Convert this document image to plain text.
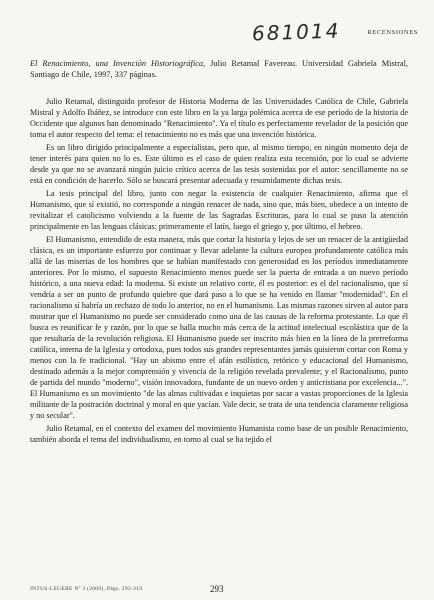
681014	RECENSIONES
El Renacimiento, una Invención Historiográfica, Julio Retamal Favereau. Universidad Gabriela Mistral, Santiago de Chile, 1997, 337 páginas.

Julio Retamal, distinguido profesor de Historia Moderna de las Universidades Católica de Chile, Gabriela Mistral y Adolfo Ibáñez, se introduce con este libro en la ya larga polémica acerca de ese período de la historia de Occidente que algunos han denominado "Renacimiento". Ya el título es perfectamente revelador de la posición que toma el autor respecto del tema: el renacimiento no es más que una invención histórica.

Es un libro dirigido principalmente a especialistas, pero que, al mismo tiempo, en ningún momento deja de tener interés para quien no lo es. Este último es el caso de quien realiza esta recensión, por lo cual se advierte desde ya que no se avanzará ningún juicio crítico acerca de las tesis sostenidas por el autor: sencillamente no se está en condición de hacerlo. Sólo se buscará presentar adecuada y resumidamente dichas tesis.

La tesis principal del libro, junto con negar la existencia de cualquier Renacimiento, afirma que el Humanismo, que sí existió, no corresponde a ningún renacer de nada, sino que, más bien, obedece a un intento de revitalizar el catolicismo volviendo a la fuente de las Sagradas Escrituras, para lo cual se puso la atención principalmente en las lenguas clásicas: primeramente el latín, luego el griego y, por último, el hebreo.

El Humanismo, entendido de esta manera, más que cortar la historia y lejos de ser un renacer de la antigüedad clásica, es un importante esfuerzo por continuar y llevar adelante la cultura europea profundamente católica más allá de las miserias de los hombres que se habían manifestado con generosidad en los períodos inmediatamente anteriores. Por lo mismo, el supuesto Renacimiento menos puede ser la puerta de entrada a un nuevo período histórico, a una nueva edad: la moderna. Si existe un relativo corte, él es posterior: es el del racionalismo, que sí vendría a ser un punto de profundo quiebre que dará paso a lo que se ha venido en llamar "modernidad". En el racionalismo sí habría un rechazo de todo lo anterior, no en el humanismo. Las mismas razones sirven al autor para mostrar que el Humanismo no puede ser considerado como una de las causas de la reforma protestante. Lo que él busca es reunificar fe y razón, por lo que se halla mucho más cerca de la actitud intelectual escolástica que de la que resultaría de la revolución religiosa. El Humanismo puede ser inscrito más bien en la línea de la prerreforma católica, interna de la Iglesia y ortodoxa, pues todos sus grandes representantes jamás quisieron cortar con Roma y menos con la fe tradicional. "Hay un abismo entre el afán estilístico, retórico y educacional del Humanismo, destinado además a la mejor comprensión y vivencia de la religión revelada prevalente; y el Racionalismo, punto de partida del mundo "moderno", visión innovadora, fundante de un nuevo orden y anticristiana por excelencia...". El Humanismo es un movimiento "de las almas cultivadas e inquietas por sacar a vastas proporciones de la Iglesia militante de la postración doctrinal y moral en que yacían. Vale decir, se trata de una tendencia claramente religiosa y no secular".

Julio Retamal, en el contexto del examen del movimiento Humanista como base de un posible Renacimiento, también aborda el tema del individualismo, en torno al cual se ha tejido el

INTUS-LEGERE Nº 3 (2000), Págs. 293-319	293
